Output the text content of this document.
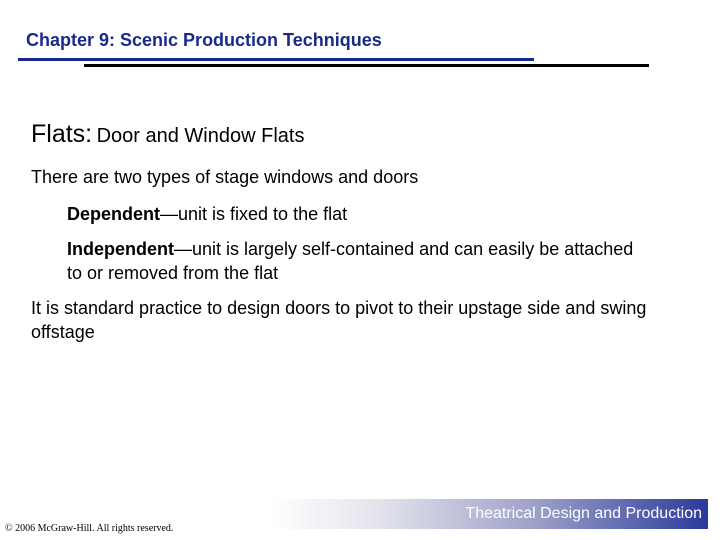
Chapter 9: Scenic Production Techniques
Flats: Door and Window Flats
There are two types of stage windows and doors
Dependent—unit is fixed to the flat
Independent—unit is largely self-contained and can easily be attached to or removed from the flat
It is standard practice to design doors to pivot to their upstage side and swing offstage
Theatrical Design and Production
© 2006 McGraw-Hill. All rights reserved.
